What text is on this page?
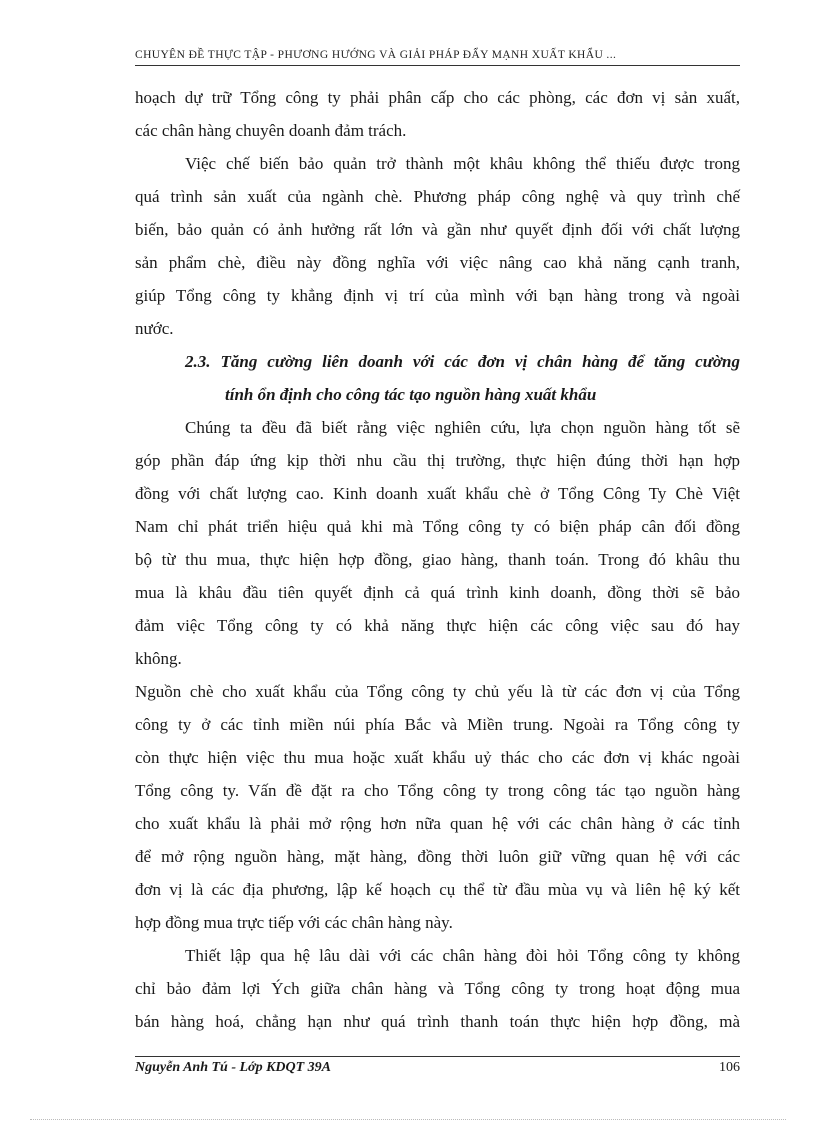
CHUYÊN ĐỀ THỰC TẬP - PHƯƠNG HƯỚNG VÀ GIẢI PHÁP ĐẨY MẠNH XUẤT KHẨU ...
hoạch dự trữ Tổng công ty phải phân cấp cho các phòng, các đơn vị sản xuất,
các chân hàng chuyên doanh đảm trách.
Việc chế biến bảo quản trở thành một khâu không thể thiếu được trong
quá trình sản xuất của ngành chè. Phương pháp công nghệ và quy trình chế
biến, bảo quản có ảnh hưởng rất lớn và gần như quyết định đối với chất lượng
sản phẩm chè, điều này đồng nghĩa với việc nâng cao khả năng cạnh tranh,
giúp Tổng công ty khẳng định vị trí của mình với bạn hàng trong và ngoài
nước.
2.3. Tăng cường liên doanh với các đơn vị chân hàng để tăng cường
tính ổn định cho công tác tạo nguồn hàng xuất khẩu
Chúng ta đều đã biết rằng việc nghiên cứu, lựa chọn nguồn hàng tốt sẽ
góp phần đáp ứng kịp thời nhu cầu thị trường, thực hiện đúng thời hạn hợp
đồng với chất lượng cao. Kinh doanh xuất khẩu chè ở Tổng Công Ty Chè Việt
Nam chỉ phát triển hiệu quả khi mà Tổng công ty có biện pháp cân đối đồng
bộ từ thu mua, thực hiện hợp đồng, giao hàng, thanh toán. Trong đó khâu thu
mua là khâu đầu tiên quyết định cả quá trình kinh doanh, đồng thời sẽ bảo
đảm việc Tổng công ty có khả năng thực hiện các công việc sau đó hay
không.
Nguồn chè cho xuất khẩu của Tổng công ty chủ yếu là từ các đơn vị của Tổng
công ty ở các tỉnh miền núi phía Bắc và Miền trung. Ngoài ra Tổng công ty
còn thực hiện việc thu mua hoặc xuất khẩu uỷ thác cho các đơn vị khác ngoài
Tổng công ty. Vấn đề đặt ra cho Tổng công ty trong công tác tạo nguồn hàng
cho xuất khẩu là phải mở rộng hơn nữa quan hệ với các chân hàng ở các tỉnh
để mở rộng nguồn hàng, mặt hàng, đồng thời luôn giữ vững quan hệ với các
đơn vị là các địa phương, lập kế hoạch cụ thể từ đầu mùa vụ và liên hệ ký kết
hợp đồng mua trực tiếp với các chân hàng này.
Thiết lập qua hệ lâu dài với các chân hàng đòi hỏi Tổng công ty không
chỉ bảo đảm lợi Ých giữa chân hàng và Tổng công ty trong hoạt động mua
bán hàng hoá, chẳng hạn như quá trình thanh toán thực hiện hợp đồng, mà
Nguyễn Anh Tú - Lớp KDQT 39A	106
